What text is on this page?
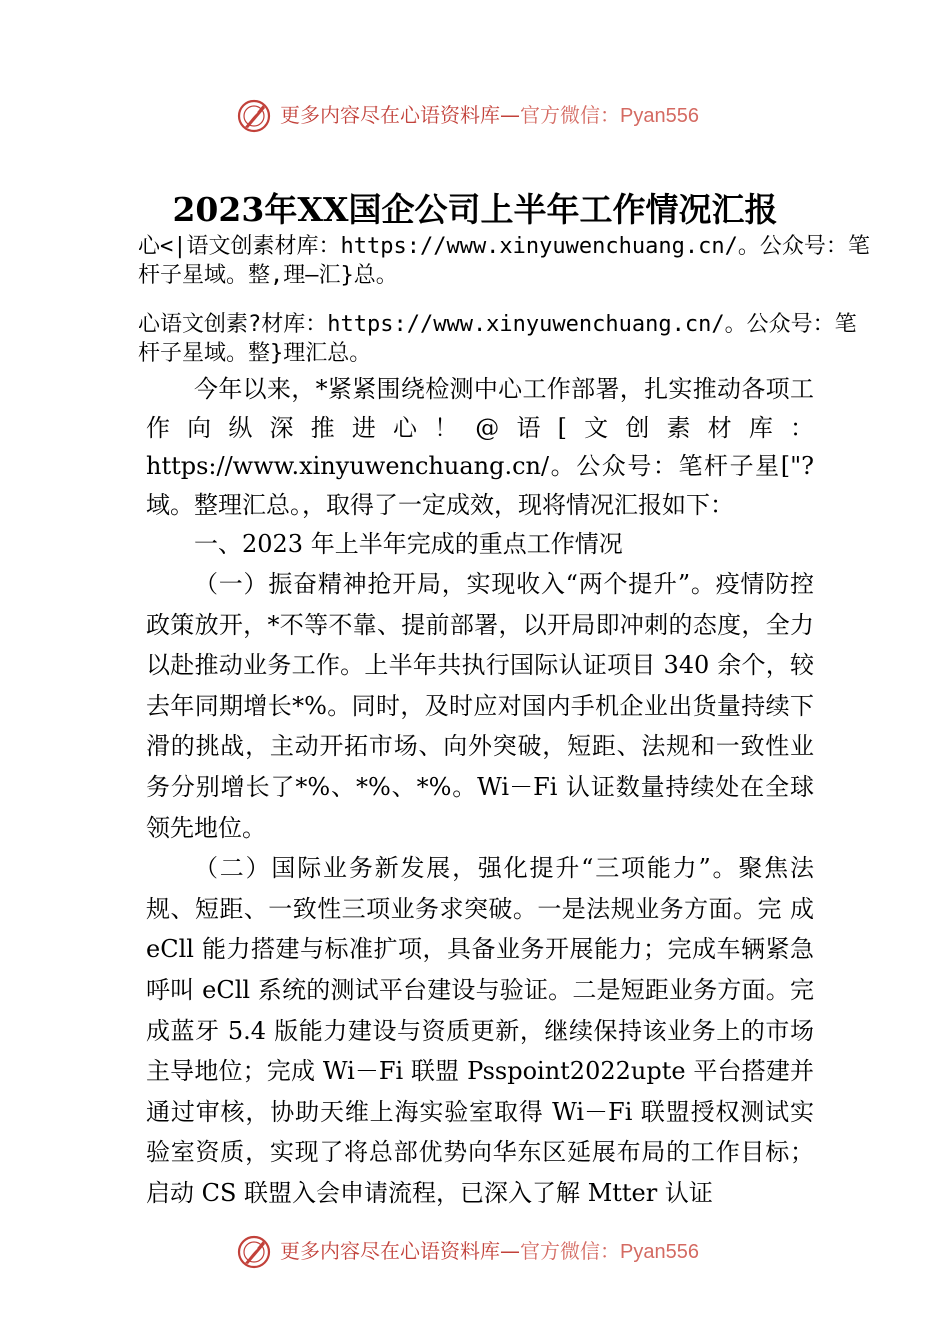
更多内容尽在心语资料库—官方微信：Pyan556
2023年XX国企公司上半年工作情况汇报
心<|语文创素材库：https://www.xinyuwenchuang.cn/。公众号：笔杆子星域。整,理—汇}总。
心语文创素?材库：https://www.xinyuwenchuang.cn/。公众号：笔杆子星域。整}理汇总。

今年以来，*紧紧围绕检测中心工作部署，扎实推动各项工作向纵深推进心！@语[文创素材库：https://www.xinyuwenchuang.cn/。公众号：笔杆子星["?域。整理汇总。，取得了一定成效，现将情况汇报如下：

一、2023 年上半年完成的重点工作情况

（一）振奋精神抢开局，实现收入“两个提升”。疫情防控政策放开，*不等不靠、提前部署，以开局即冲刺的态度，全力以赴推动业务工作。上半年共执行国际认证项目 340 余个，较去年同期增长*%。同时，及时应对国内手机企业出货量持续下滑的挑战，主动开拓市场、向外突破，短距、法规和一致性业务分别增长了*%、*%、*%。Wi－Fi 认证数量持续处在全球领先地位。

（二）国际业务新发展，强化提升“三项能力”。聚焦法规、短距、一致性三项业务求突破。一是法规业务方面。完 成 eCll 能力搭建与标准扩项，具备业务开展能力；完成车辆紧急呼叫 eCll 系统的测试平台建设与验证。二是短距业务方面。完成蓝牙 5.4 版能力建设与资质更新，继续保持该业务上的市场主导地位；完成 Wi－Fi 联盟 Psspoint2022upte 平台搭建并通过审核，协助天维上海实验室取得 Wi－Fi 联盟授权测试实验室资质，实现了将总部优势向华东区延展布局的工作目标；启动 CS 联盟入会申请流程，已深入了解 Mtter 认证

更多内容尽在心语资料库—官方微信：Pyan556
